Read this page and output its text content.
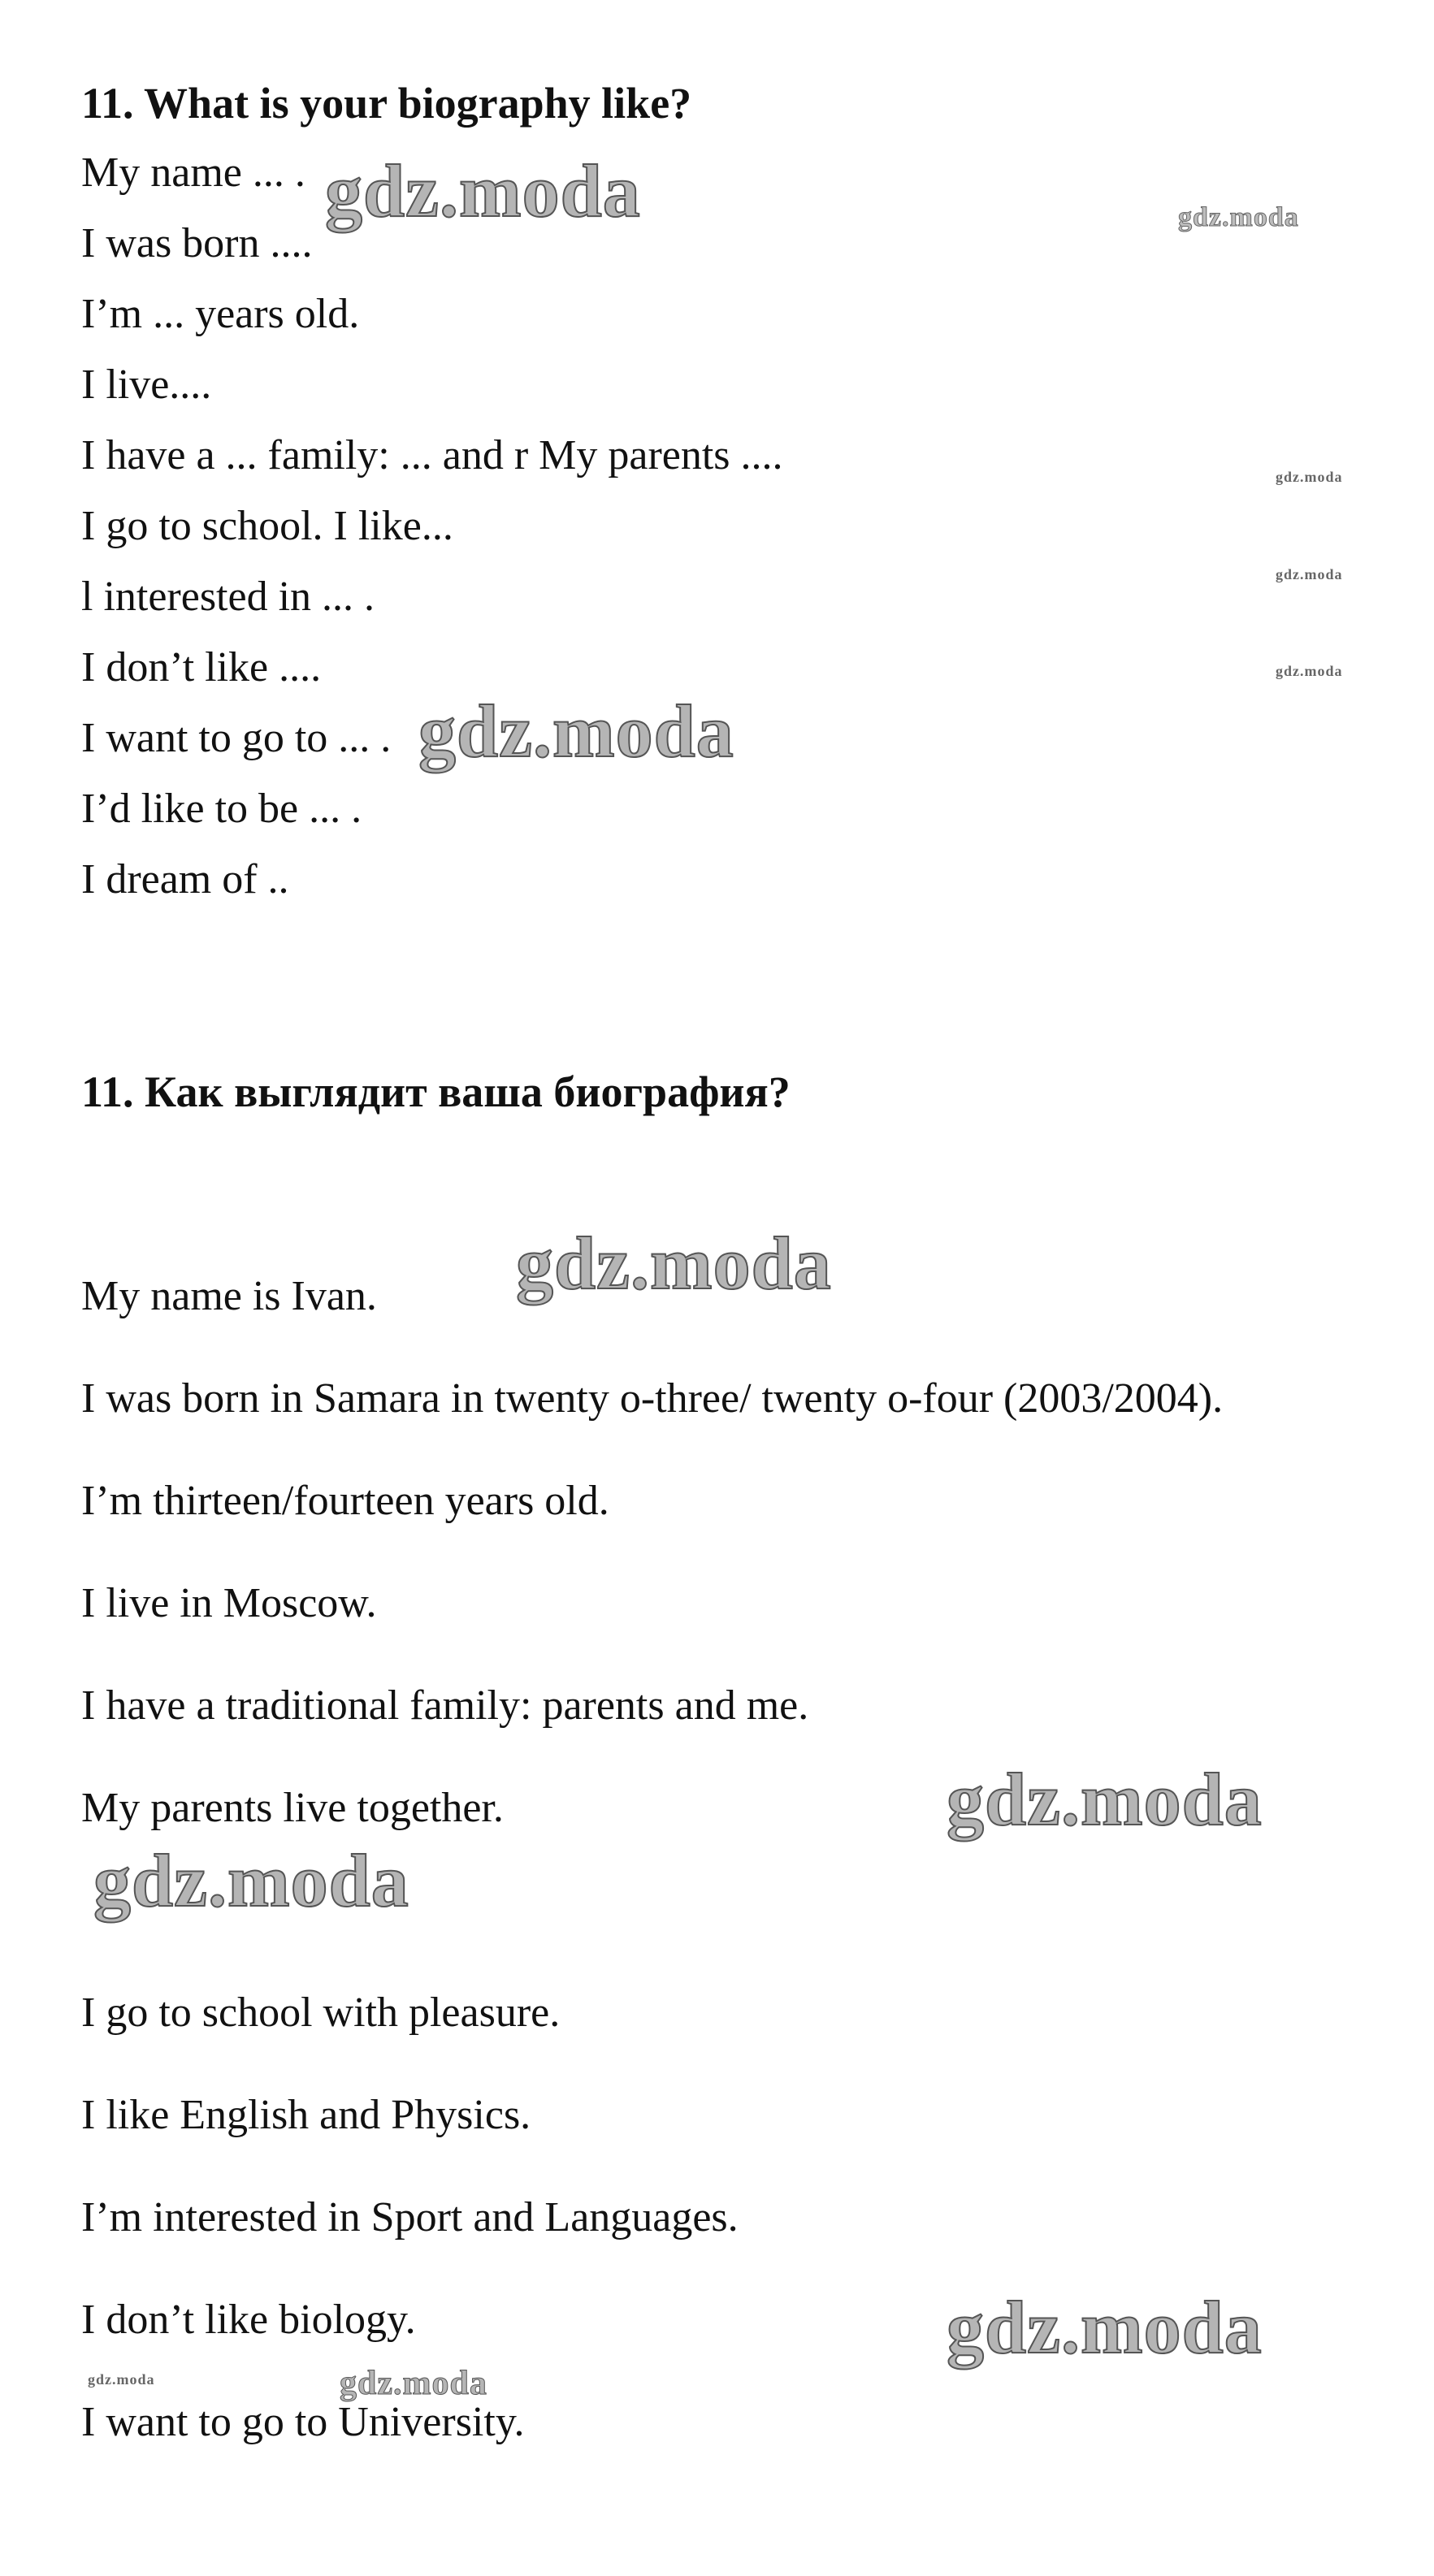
11. What is your biography like?
My name ... .
I was born ....
I’m ... years old.
I live....
I have a ... family: ... and r My parents ....
I go to school. I like...
l interested in ... .
I don’t like ....
I want to go to ... .
I’d like to be ... .
I dream of ..
11. Как выглядит ваша биография?
My name is Ivan.
I was born in Samara in twenty o-three/ twenty o-four (2003/2004).
I’m thirteen/fourteen years old.
I live in Moscow.
I have a traditional family: parents and me.
My parents live together.
I go to school with pleasure.
I like English and Physics.
I’m interested in Sport and Languages.
I don’t like biology.
I want to go to University.
gdz.moda	gdz.moda
gdz.moda
gdz.moda
gdz.moda
gdz.moda
gdz.moda
gdz.moda
gdz.moda
gdz.moda
gdz.moda	gdz.moda
